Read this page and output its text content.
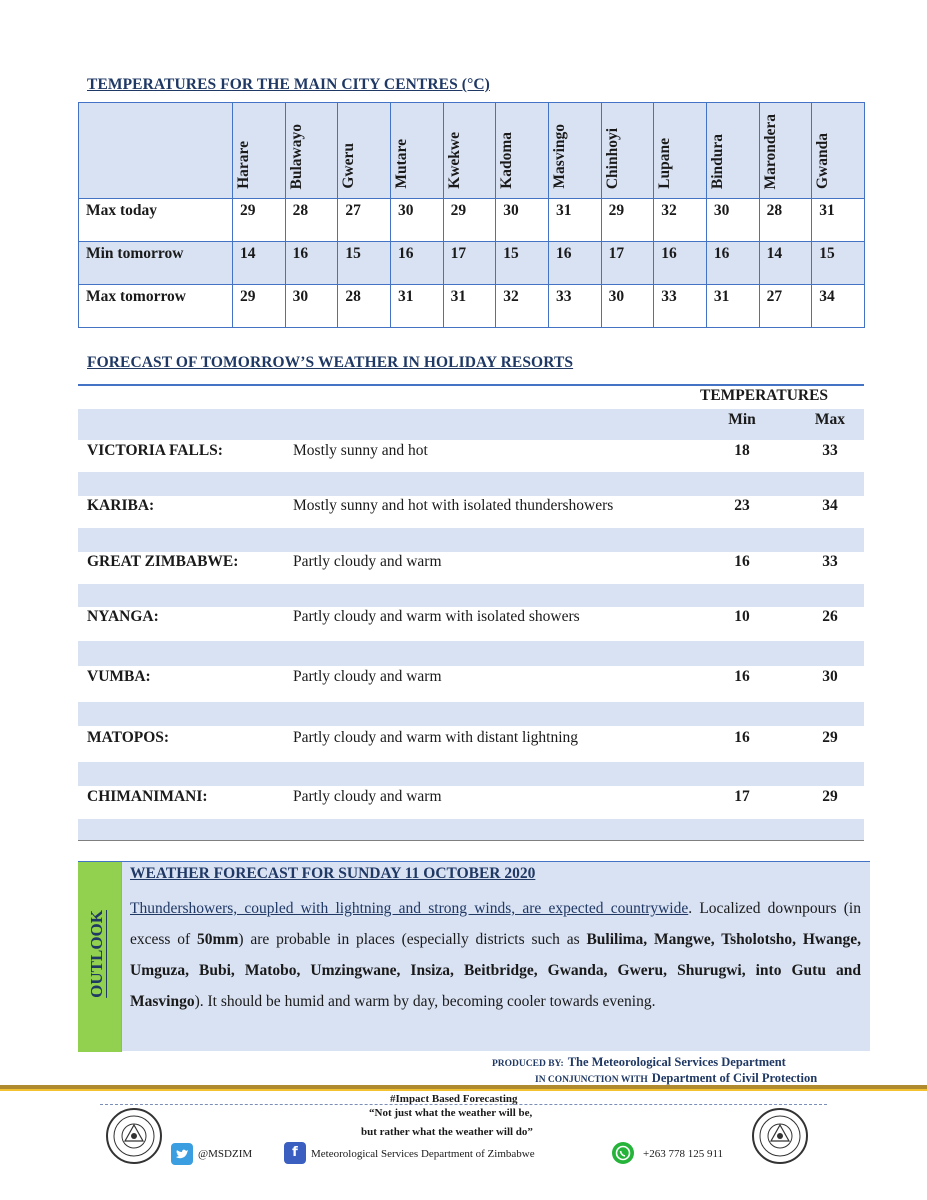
TEMPERATURES FOR THE MAIN CITY CENTRES (°C)
	Harare	Bulawayo	Gweru	Mutare	Kwekwe	Kadoma	Masvingo	Chinhoyi	Lupane	Bindura	Marondera	Gwanda
Max today	29	28	27	30	29	30	31	29	32	30	28	31
Min tomorrow	14	16	15	16	17	15	16	17	16	16	14	15
Max tomorrow	29	30	28	31	31	32	33	30	33	31	27	34
FORECAST OF TOMORROW’S WEATHER IN HOLIDAY RESORTS
TEMPERATURES
Min	Max
VICTORIA FALLS:	Mostly sunny and hot	18	33
KARIBA:	Mostly sunny and hot with isolated thundershowers	23	34
GREAT ZIMBABWE:	Partly cloudy and warm	16	33
NYANGA:	Partly cloudy and warm with isolated showers	10	26
VUMBA:	Partly cloudy and warm	16	30
MATOPOS:	Partly cloudy and warm with distant lightning	16	29
CHIMANIMANI:	Partly cloudy and warm	17	29
OUTLOOK
WEATHER FORECAST FOR SUNDAY 11 OCTOBER 2020
Thundershowers, coupled with lightning and strong winds, are expected countrywide. Localized downpours (in excess of 50mm) are probable in places (especially districts such as Bulilima, Mangwe, Tsholotsho, Hwange, Umguza, Bubi, Matobo, Umzingwane, Insiza, Beitbridge, Gwanda, Gweru, Shurugwi, into Gutu and Masvingo). It should be humid and warm by day, becoming cooler towards evening.
PRODUCED BY: The Meteorological Services Department
IN CONJUNCTION WITH Department of Civil Protection
#Impact Based Forecasting
“Not just what the weather will be,
but rather what the weather will do”
@MSDZIM	f	Meteorological Services Department of Zimbabwe	+263 778 125 911
